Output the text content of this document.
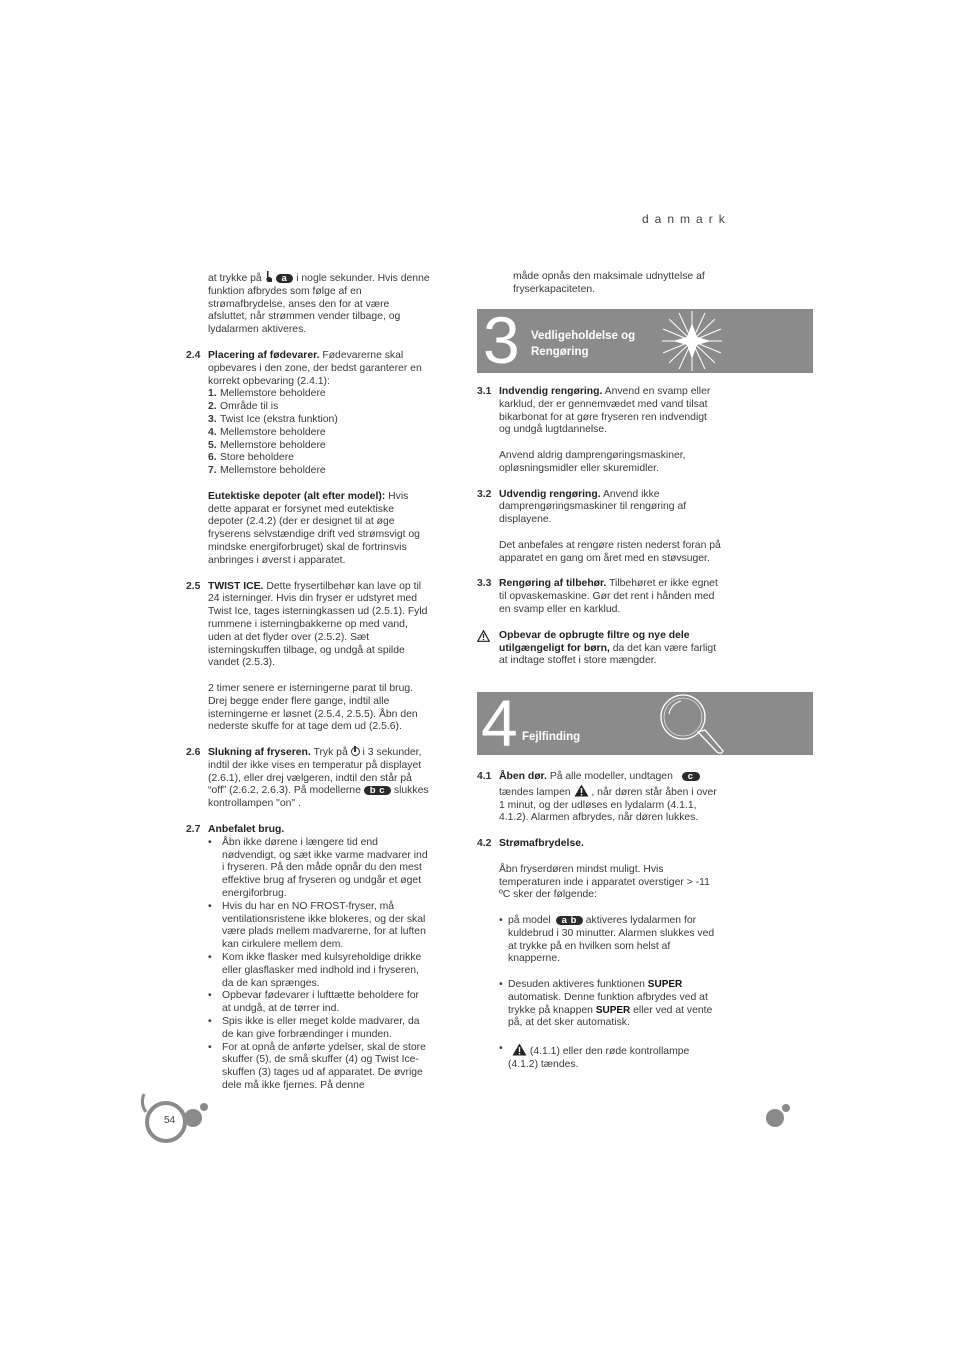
danmark

at trykke på a i nogle sekunder. Hvis denne funktion afbrydes som følge af en strømafbrydelse, anses den for at være afsluttet, når strømmen vender tilbage, og lydalarmen aktiveres.

2.4 Placering af fødevarer. Fødevarerne skal opbevares i den zone, der bedst garanterer en korrekt opbevaring (2.4.1):

1. Mellemstore beholdere
2. Område til is
3. Twist Ice (ekstra funktion)
4. Mellemstore beholdere
5. Mellemstore beholdere
6. Store beholdere
7. Mellemstore beholdere

Eutektiske depoter (alt efter model): Hvis dette apparat er forsynet med eutektiske depoter (2.4.2) (der er designet til at øge fryserens selvstændige drift ved strømsvigt og mindske energiforbruget) skal de fortrinsvis anbringes i øverst i apparatet.

2.5 TWIST ICE. Dette frysertilbehør kan lave op til 24 isterninger. Hvis din fryser er udstyret med Twist Ice, tages isterningkassen ud (2.5.1). Fyld rummene i isterningbakkerne op med vand, uden at det flyder over (2.5.2). Sæt isterningskuffen tilbage, og undgå at spilde vandet (2.5.3).

2 timer senere er isterningerne parat til brug. Drej begge ender flere gange, indtil alle isterningerne er løsnet (2.5.4, 2.5.5). Åbn den nederste skuffe for at tage dem ud (2.5.6).

2.6 Slukning af fryseren. Tryk på i 3 sekunder, indtil der ikke vises en temperatur på displayet (2.6.1), eller drej vælgeren, indtil den står på “off” (2.6.2, 2.6.3). På modellerne b c slukkes kontrollampen "on" .

2.7 Anbefalet brug.

• Åbn ikke dørene i længere tid end nødvendigt, og sæt ikke varme madvarer ind i fryseren. På den måde opnår du den mest effektive brug af fryseren og undgår et øget energiforbrug.
• Hvis du har en NO FROST-fryser, må ventilationsristene ikke blokeres, og der skal være plads mellem madvarerne, for at luften kan cirkulere mellem dem.
• Kom ikke flasker med kulsyreholdige drikke eller glasflasker med indhold ind i fryseren, da de kan sprænges.
• Opbevar fødevarer i lufttætte beholdere for at undgå, at de tørrer ind.
• Spis ikke is eller meget kolde madvarer, da de kan give forbrændinger i munden.
• For at opnå de anførte ydelser, skal de store skuffer (5), de små skuffer (4) og Twist Ice-skuffen (3) tages ud af apparatet. De øvrige dele må ikke fjernes. På denne

måde opnås den maksimale udnyttelse af fryserkapaciteten.

3 Vedligeholdelse og
Rengøring
3.1 Indvendig rengøring. Anvend en svamp eller karklud, der er gennemvædet med vand tilsat bikarbonat for at gøre fryseren ren indvendigt og undgå lugtdannelse.

Anvend aldrig damprengøringsmaskiner, opløsningsmidler eller skuremidler.

3.2 Udvendig rengøring. Anvend ikke damprengøringsmaskiner til rengøring af displayene.

Det anbefales at rengøre risten nederst foran på apparatet en gang om året med en støvsuger.

3.3 Rengøring af tilbehør. Tilbehøret er ikke egnet til opvaskemaskine. Gør det rent i hånden med en svamp eller en karklud.

Opbevar de opbrugte filtre og nye dele utilgængeligt for børn, da det kan være farligt at indtage stoffet i store mængder.

4 Fejlfinding
4.1 Åben dør. På alle modeller, undtagen c tændes lampen , når døren står åben i over 1 minut, og der udløses en lydalarm (4.1.1, 4.1.2). Alarmen afbrydes, når døren lukkes.

4.2 Strømafbrydelse.

Åbn fryserdøren mindst muligt. Hvis temperaturen inde i apparatet overstiger > -11 ºC sker der følgende:

• på model a b aktiveres lydalarmen for kuldebrud i 30 minutter. Alarmen slukkes ved at trykke på en hvilken som helst af knapperne.
• Desuden aktiveres funktionen SUPER automatisk. Denne funktion afbrydes ved at trykke på knappen SUPER eller ved at vente på, at det sker automatisk.
• (4.1.1) eller den røde kontrollampe (4.1.2) tændes.
54
